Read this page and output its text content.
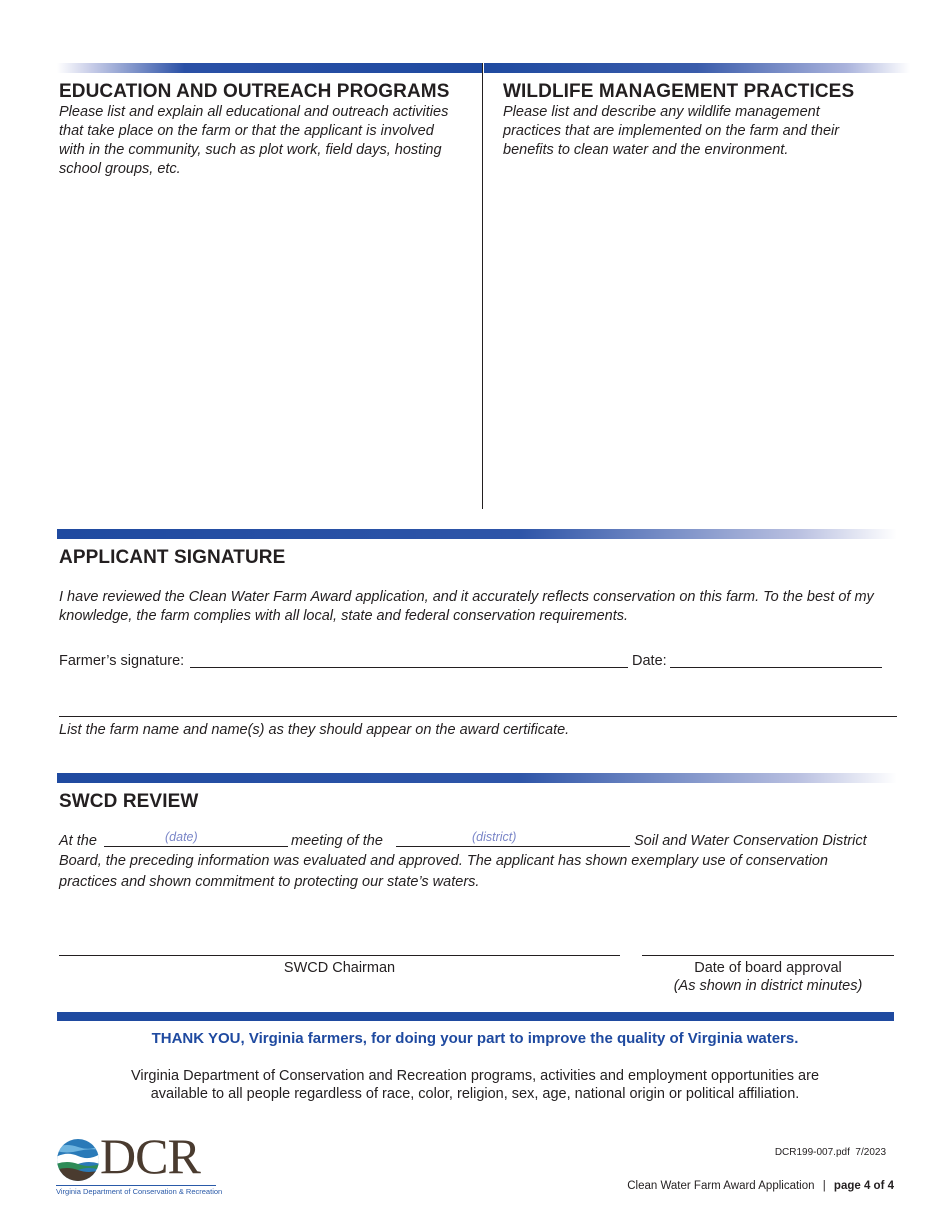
EDUCATION AND OUTREACH PROGRAMS
Please list and explain all educational and outreach activities that take place on the farm or that the applicant is involved with in the community, such as plot work, field days, hosting school groups, etc.
WILDLIFE MANAGEMENT PRACTICES
Please list and describe any wildlife management practices that are implemented on the farm and their benefits to clean water and the environment.
APPLICANT SIGNATURE
I have reviewed the Clean Water Farm Award application, and it accurately reflects conservation on this farm. To the best of my knowledge, the farm complies with all local, state and federal conservation requirements.
Farmer’s signature:	Date:
List the farm name and name(s) as they should appear on the award certificate.
SWCD REVIEW
At the	(date)	meeting of the	(district)	Soil and Water Conservation District
Board, the preceding information was evaluated and approved. The applicant has shown exemplary use of conservation
practices and shown commitment to protecting our state’s waters.
SWCD Chairman	Date of board approval
(As shown in district minutes)
THANK YOU, Virginia farmers, for doing your part to improve the quality of Virginia waters.
Virginia Department of Conservation and Recreation programs, activities and employment opportunities are
available to all people regardless of race, color, religion, sex, age, national origin or political affiliation.
DCR
Virginia Department of Conservation & Recreation
DCR199-007.pdf  7/2023
Clean Water Farm Award Application | page 4 of 4
